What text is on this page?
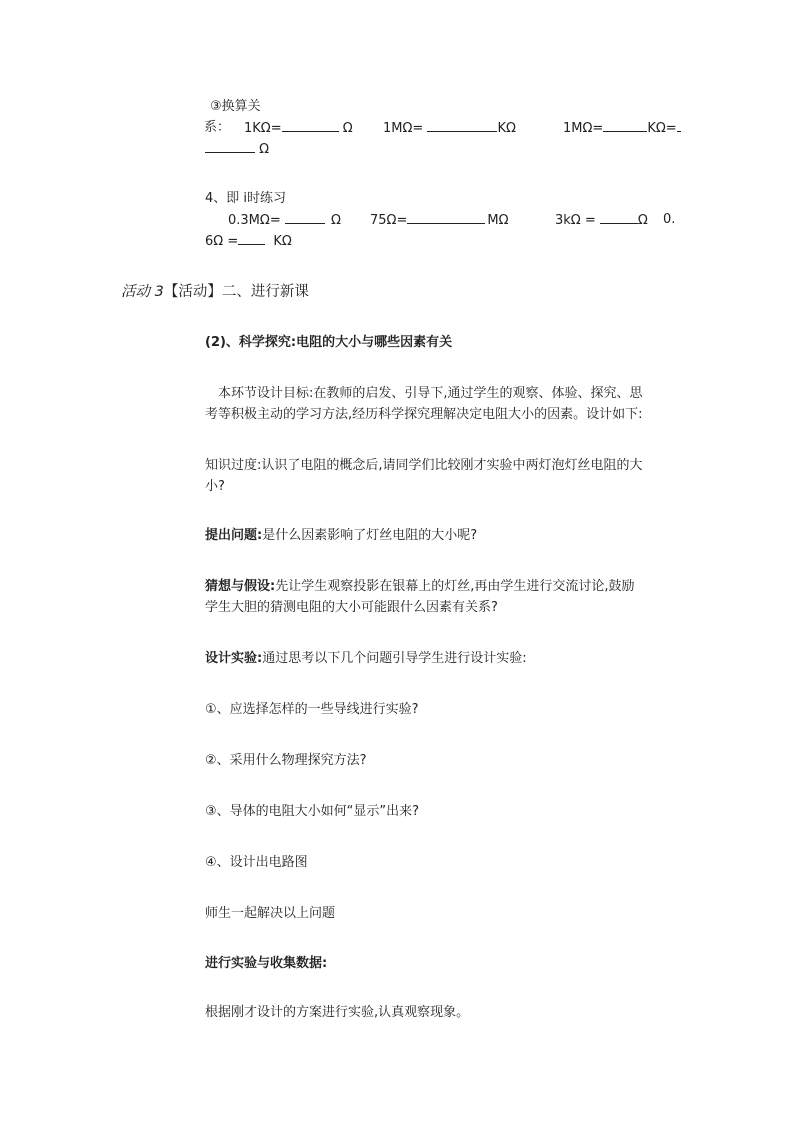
③换算关
系： 1KΩ=	Ω 1MΩ=	KΩ	1MΩ=	KΩ=
Ω
4、即 i时练习
0.3MΩ=	Ω 75Ω=	MΩ	3kΩ =	Ω 0.
6Ω =	KΩ
活动 3【活动】二、进行新课
(2)、科学探究:电阻的大小与哪些因素有关
本环节设计目标:在教师的启发、引导下,通过学生的观察、体验、探究、思
考等积极主动的学习方法,经历科学探究理解决定电阻大小的因素。设计如下:
知识过度:认识了电阻的概念后,请同学们比较刚才实验中两灯泡灯丝电阻的大
小?
提出问题:是什么因素影响了灯丝电阻的大小呢?
猜想与假设:先让学生观察投影在银幕上的灯丝,再由学生进行交流讨论,鼓励
学生大胆的猜测电阻的大小可能跟什么因素有关系?
设计实验:通过思考以下几个问题引导学生进行设计实验:
①、应选择怎样的一些导线进行实验?
②、采用什么物理探究方法?
③、导体的电阻大小如何“显示”出来?
④、设计出电路图
师生一起解决以上问题
进行实验与收集数据:
根据刚才设计的方案进行实验,认真观察现象。
